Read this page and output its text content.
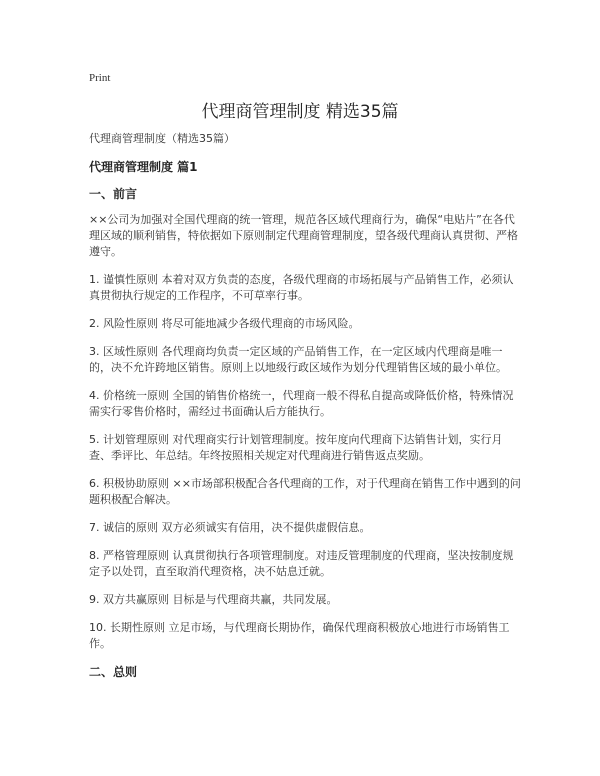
Print
代理商管理制度 精选35篇

代理商管理制度（精选35篇）

代理商管理制度 篇1

一、前言

××公司为加强对全国代理商的统一管理，规范各区域代理商行为，确保“电贴片”在各代理区域的顺利销售，特依据如下原则制定代理商管理制度，望各级代理商认真贯彻、严格遵守。

1. 谨慎性原则 本着对双方负责的态度，各级代理商的市场拓展与产品销售工作，必须认真贯彻执行规定的工作程序，不可草率行事。

2. 风险性原则 将尽可能地减少各级代理商的市场风险。

3. 区域性原则 各代理商均负责一定区域的产品销售工作，在一定区域内代理商是唯一的，决不允许跨地区销售。原则上以地级行政区域作为划分代理销售区域的最小单位。

4. 价格统一原则 全国的销售价格统一，代理商一般不得私自提高或降低价格，特殊情况需实行零售价格时，需经过书面确认后方能执行。

5. 计划管理原则 对代理商实行计划管理制度。按年度向代理商下达销售计划，实行月查、季评比、年总结。年终按照相关规定对代理商进行销售返点奖励。

6. 积极协助原则 ××市场部积极配合各代理商的工作，对于代理商在销售工作中遇到的问题积极配合解决。

7. 诚信的原则 双方必须诚实有信用，决不提供虚假信息。

8. 严格管理原则 认真贯彻执行各项管理制度。对违反管理制度的代理商，坚决按制度规定予以处罚，直至取消代理资格，决不姑息迁就。

9. 双方共赢原则 目标是与代理商共赢，共同发展。

10. 长期性原则 立足市场，与代理商长期协作，确保代理商积极放心地进行市场销售工作。

二、总则
